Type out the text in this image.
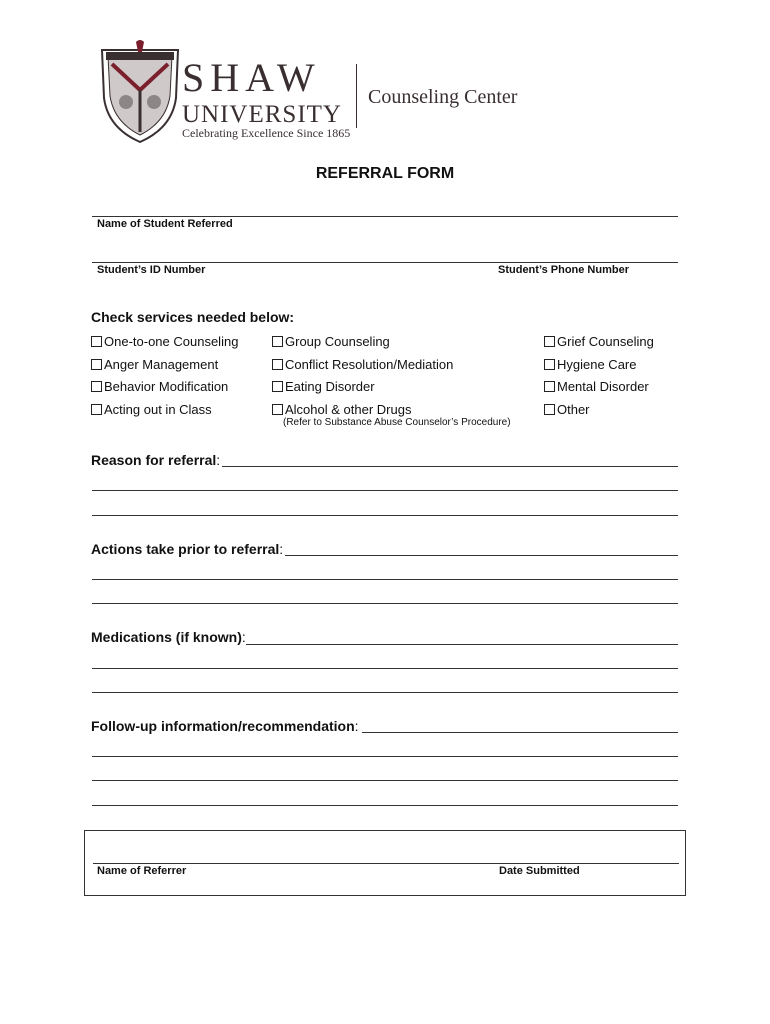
SHAW
UNIVERSITY
Celebrating Excellence Since 1865
Counseling Center
REFERRAL FORM
Name of Student Referred
Student’s ID Number	Student’s Phone Number
Check services needed below:
One-to-one Counseling
Anger Management
Behavior Modification
Acting out in Class
Group Counseling
Conflict Resolution/Mediation
Eating Disorder
Alcohol & other Drugs
(Refer to Substance Abuse Counselor’s Procedure)
Grief Counseling
Hygiene Care
Mental Disorder
Other
Reason for referral:
Actions take prior to referral:
Medications (if known):
Follow-up information/recommendation:
Name of Referrer	Date Submitted
